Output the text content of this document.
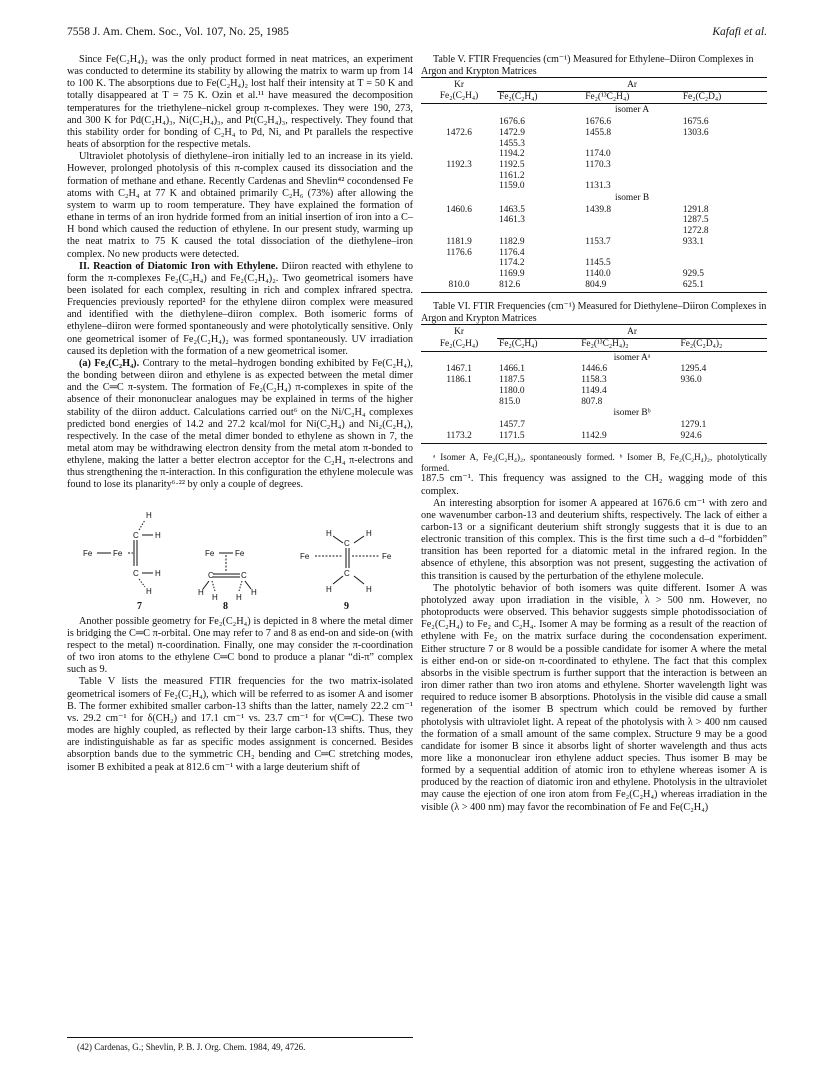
7558 J. Am. Chem. Soc., Vol. 107, No. 25, 1985	Kafafi et al.

Since Fe(C₂H₄)₂ was the only product formed in neat matrices, an experiment was conducted to determine its stability by allowing the matrix to warm up from 14 to 100 K. The absorptions due to Fe(C₂H₄)₂ lost half their intensity at T = 50 K and totally disappeared at T = 75 K. Ozin et al.¹¹ have measured the decomposition temperatures for the triethylene–nickel group π-complexes. They were 190, 273, and 300 K for Pd(C₂H₄)₃, Ni(C₂H₄)₃, and Pt(C₂H₄)₃, respectively. They found that this stability order for bonding of C₂H₄ to Pd, Ni, and Pt parallels the respective heats of absorption for the respective metals.

Ultraviolet photolysis of diethylene–iron initially led to an increase in its yield. However, prolonged photolysis of this π-complex caused its dissociation and the formation of methane and ethane. Recently Cardenas and Shevlin⁴² cocondensed Fe atoms with C₂H₄ at 77 K and obtained primarily C₂H₆ (73%) after allowing the system to warm up to room temperature. They have explained the formation of ethane in terms of an iron hydride formed from an initial insertion of iron into a C–H bond which caused the reduction of ethylene. In our present study, warming up the neat matrix to 75 K caused the total dissociation of the diethylene–iron complex. No new products were detected.

II. Reaction of Diatomic Iron with Ethylene. Diiron reacted with ethylene to form the π-complexes Fe₂(C₂H₄) and Fe₂(C₂H₄)₂. Two geometrical isomers have been isolated for each complex, resulting in rich and complex infrared spectra. Frequencies previously reported² for the ethylene diiron complex were measured and identified with the diethylene–diiron complex. Both isomeric forms of ethylene–diiron were formed spontaneously and were photolytically sensitive. Only one geometrical isomer of Fe₂(C₂H₄)₂ was formed spontaneously. UV irradiation caused its depletion with the formation of a new geometrical isomer.

(a) Fe₂(C₂H₄). Contrary to the metal–hydrogen bonding exhibited by Fe(C₂H₄), the bonding between diiron and ethylene is as expected between the metal dimer and the C═C π-system. The formation of Fe₂(C₂H₄) π-complexes in spite of the absence of their mononuclear analogues may be explained in terms of the higher stability of the diiron adduct. Calculations carried out⁶ on the Ni/C₂H₄ complexes predicted bond energies of 14.2 and 27.2 kcal/mol for Ni(C₂H₄) and Ni₂(C₂H₄), respectively. In the case of the metal dimer bonded to ethylene as shown in 7, the metal atom may be withdrawing electron density from the metal atom π-bonded to ethylene, making the latter a better electron acceptor for the C₂H₄ π-electrons and thus strengthening the π-interaction. In this configuration the ethylene molecule was found to lose its planarity⁶·²² by only a couple of degrees.

Fe	Fe
C
C
H
H
H
H
7
Fe	Fe
C	C
H
H H
H
8
H	H
C
C
H	H
Fe	Fe
9

Another possible geometry for Fe₂(C₂H₄) is depicted in 8 where the metal dimer is bridging the C═C π-orbital. One may refer to 7 and 8 as end-on and side-on (with respect to the metal) π-coordination. Finally, one may consider the π-coordination of two iron atoms to the ethylene C═C bond to produce a planar “di-π” complex such as 9.

Table V lists the measured FTIR frequencies for the two matrix-isolated geometrical isomers of Fe₂(C₂H₄), which will be referred to as isomer A and isomer B. The former exhibited smaller carbon-13 shifts than the latter, namely 22.2 cm⁻¹ vs. 29.2 cm⁻¹ for δ(CH₂) and 17.1 cm⁻¹ vs. 23.7 cm⁻¹ for ν(C═C). These two modes are highly coupled, as reflected by their large carbon-13 shifts. Thus, they are indistinguishable as far as specific modes assignment is concerned. Besides absorption bands due to the symmetric CH₂ bending and C═C stretching modes, isomer B exhibited a peak at 812.6 cm⁻¹ with a large deuterium shift of

Table V. FTIR Frequencies (cm⁻¹) Measured for Ethylene–Diiron Complexes in Argon and Krypton Matrices

Kr	Ar		
Fe₂(C₂H₄)	Fe₂(C₂H₄)	Fe₂(¹³C₂H₄)	Fe₂(C₂D₄)
	isomer A		
	1676.6	1676.6	1675.6
1472.6	1472.9	1455.8	1303.6
	1455.3		
	1194.2	1174.0	
1192.3	1192.5	1170.3	
	1161.2		
	1159.0	1131.3	
	isomer B		
1460.6	1463.5	1439.8	1291.8
	1461.3		1287.5
			1272.8
1181.9	1182.9	1153.7	933.1
1176.6	1176.4		
	1174.2	1145.5	
	1169.9	1140.0	929.5
810.0	812.6	804.9	625.1

Table VI. FTIR Frequencies (cm⁻¹) Measured for Diethylene–Diiron Complexes in Argon and Krypton Matrices

Kr	Ar		
Fe₂(C₂H₄)	Fe₂(C₂H₄)	Fe₂(¹³C₂H₄)₂	Fe₂(C₂D₄)₂
	isomer Aᵃ		
1467.1	1466.1	1446.6	1295.4
1186.1	1187.5	1158.3	936.0
	1180.0	1149.4	
	815.0	807.8	
	isomer Bᵇ		
	1457.7		1279.1
1173.2	1171.5	1142.9	924.6

ᵃ Isomer A, Fe₂(C₂H₄)₂, spontaneously formed. ᵇ Isomer B, Fe₂(C₂H₄)₂, photolytically formed.

187.5 cm⁻¹. This frequency was assigned to the CH₂ wagging mode of this complex.

An interesting absorption for isomer A appeared at 1676.6 cm⁻¹ with zero and one wavenumber carbon-13 and deuterium shifts, respectively. The lack of either a carbon-13 or a significant deuterium shift strongly suggests that it is due to an electronic transition of this complex. This is the first time such a d–d “forbidden” transition has been reported for a diatomic metal in the infrared region. In the absence of ethylene, this absorption was not present, suggesting the activation of this transition is caused by the perturbation of the ethylene molecule.

The photolytic behavior of both isomers was quite different. Isomer A was photolyzed away upon irradiation in the visible, λ > 500 nm. However, no photoproducts were observed. This behavior suggests simple photodissociation of Fe₂(C₂H₄) to Fe₂ and C₂H₄. Isomer A may be forming as a result of the reaction of ethylene with Fe₂ on the matrix surface during the cocondensation experiment. Either structure 7 or 8 would be a possible candidate for isomer A where the metal is either end-on or side-on π-coordinated to ethylene. The fact that this complex absorbs in the visible spectrum is further support that the interaction is between an iron dimer rather than two iron atoms and ethylene. Shorter wavelength light was required to reduce isomer B absorptions. Photolysis in the visible did cause a small regeneration of the isomer B spectrum which could be removed by further photolysis with ultraviolet light. A repeat of the photolysis with λ > 400 nm caused the formation of a small amount of the same complex. Structure 9 may be a good candidate for isomer B since it absorbs light of shorter wavelength and thus acts more like a mononuclear iron ethylene adduct species. Thus isomer B may be formed by a sequential addition of atomic iron to ethylene whereas isomer A is produced by the reaction of diatomic iron and ethylene. Photolysis in the ultraviolet may cause the ejection of one iron atom from Fe₂(C₂H₄) whereas irradiation in the visible (λ > 400 nm) may favor the recombination of Fe and Fe(C₂H₄)

(42) Cardenas, G.; Shevlin, P. B. J. Org. Chem. 1984, 49, 4726.
